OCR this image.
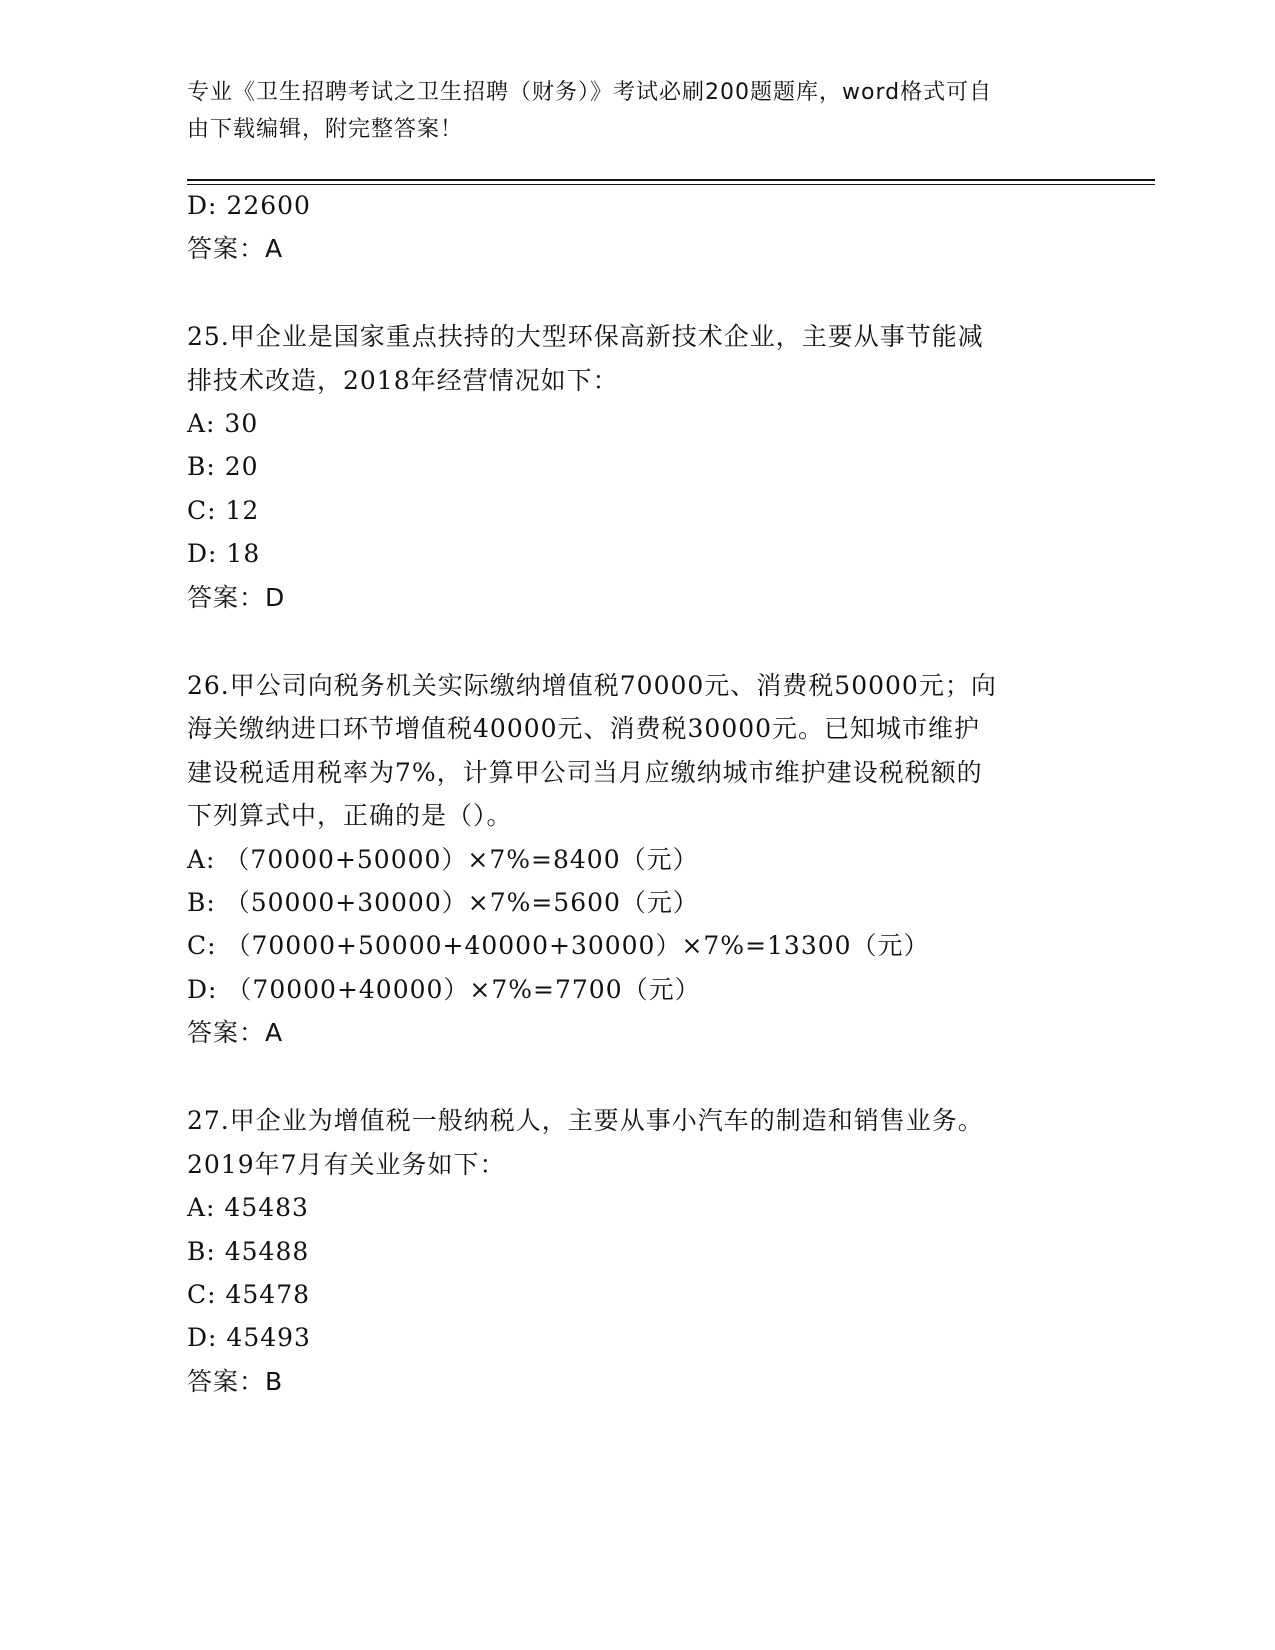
专业《卫生招聘考试之卫生招聘（财务）》考试必刷200题题库，word格式可自
由下载编辑，附完整答案！
D: 22600
答案：A
25.甲企业是国家重点扶持的大型环保高新技术企业，主要从事节能减
排技术改造，2018年经营情况如下：
A: 30
B: 20
C: 12
D: 18
答案：D
26.甲公司向税务机关实际缴纳增值税70000元、消费税50000元；向
海关缴纳进口环节增值税40000元、消费税30000元。已知城市维护
建设税适用税率为7%，计算甲公司当月应缴纳城市维护建设税税额的
下列算式中，正确的是（）。
A: （70000+50000）×7%=8400（元）
B: （50000+30000）×7%=5600（元）
C: （70000+50000+40000+30000）×7%=13300（元）
D: （70000+40000）×7%=7700（元）
答案：A
27.甲企业为增值税一般纳税人，主要从事小汽车的制造和销售业务。
2019年7月有关业务如下：
A: 45483
B: 45488
C: 45478
D: 45493
答案：B
